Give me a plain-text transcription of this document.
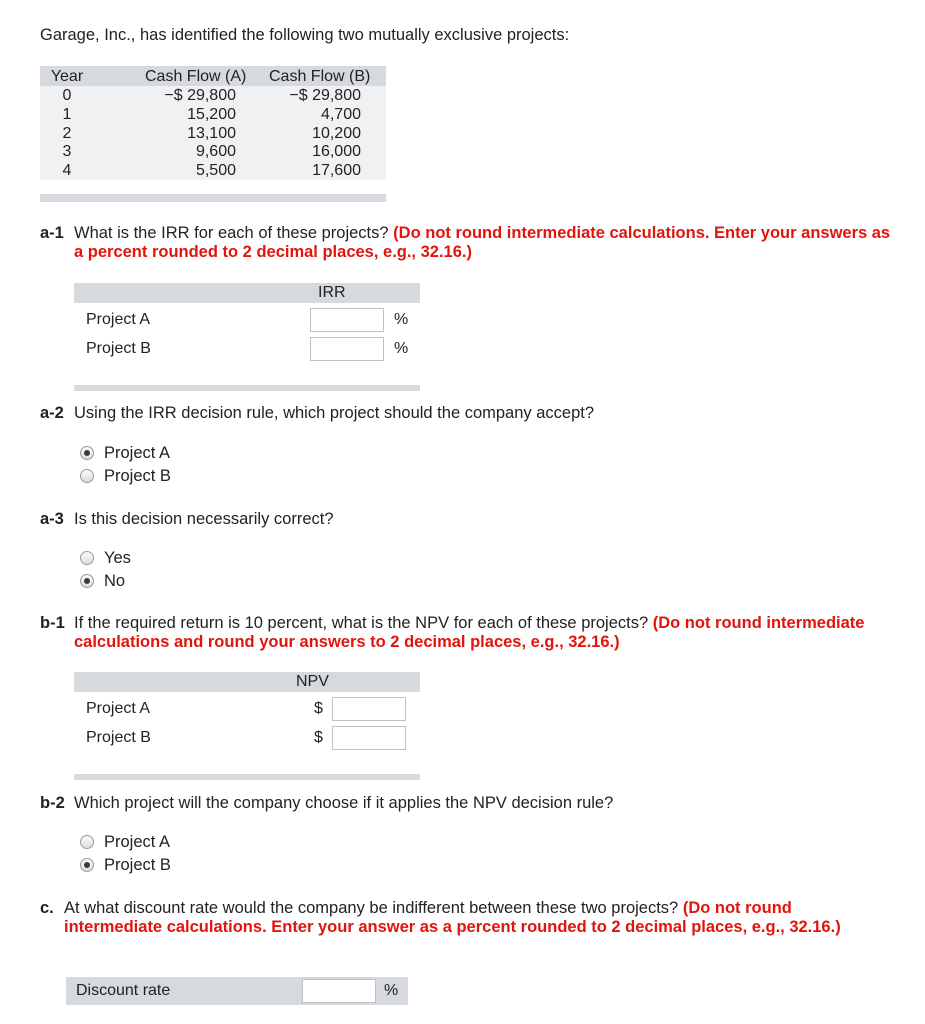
Garage, Inc., has identified the following two mutually exclusive projects:
Year	Cash Flow (A) Cash Flow (B)
0	−$ 29,800	−$ 29,800
1	15,200	4,700
2	13,100	10,200
3	9,600	16,000
4	5,500	17,600
a-1 What is the IRR for each of these projects? (Do not round intermediate calculations. Enter your answers as a percent rounded to 2 decimal places, e.g., 32.16.)
IRR
Project A	%
Project B	%
a-2 Using the IRR decision rule, which project should the company accept?
Project A
Project B
a-3 Is this decision necessarily correct?
Yes
No
b-1 If the required return is 10 percent, what is the NPV for each of these projects? (Do not round intermediate calculations and round your answers to 2 decimal places, e.g., 32.16.)
NPV
Project A	$
Project B	$
b-2 Which project will the company choose if it applies the NPV decision rule?
Project A
Project B
c. At what discount rate would the company be indifferent between these two projects? (Do not round intermediate calculations. Enter your answer as a percent rounded to 2 decimal places, e.g., 32.16.)
Discount rate	%
